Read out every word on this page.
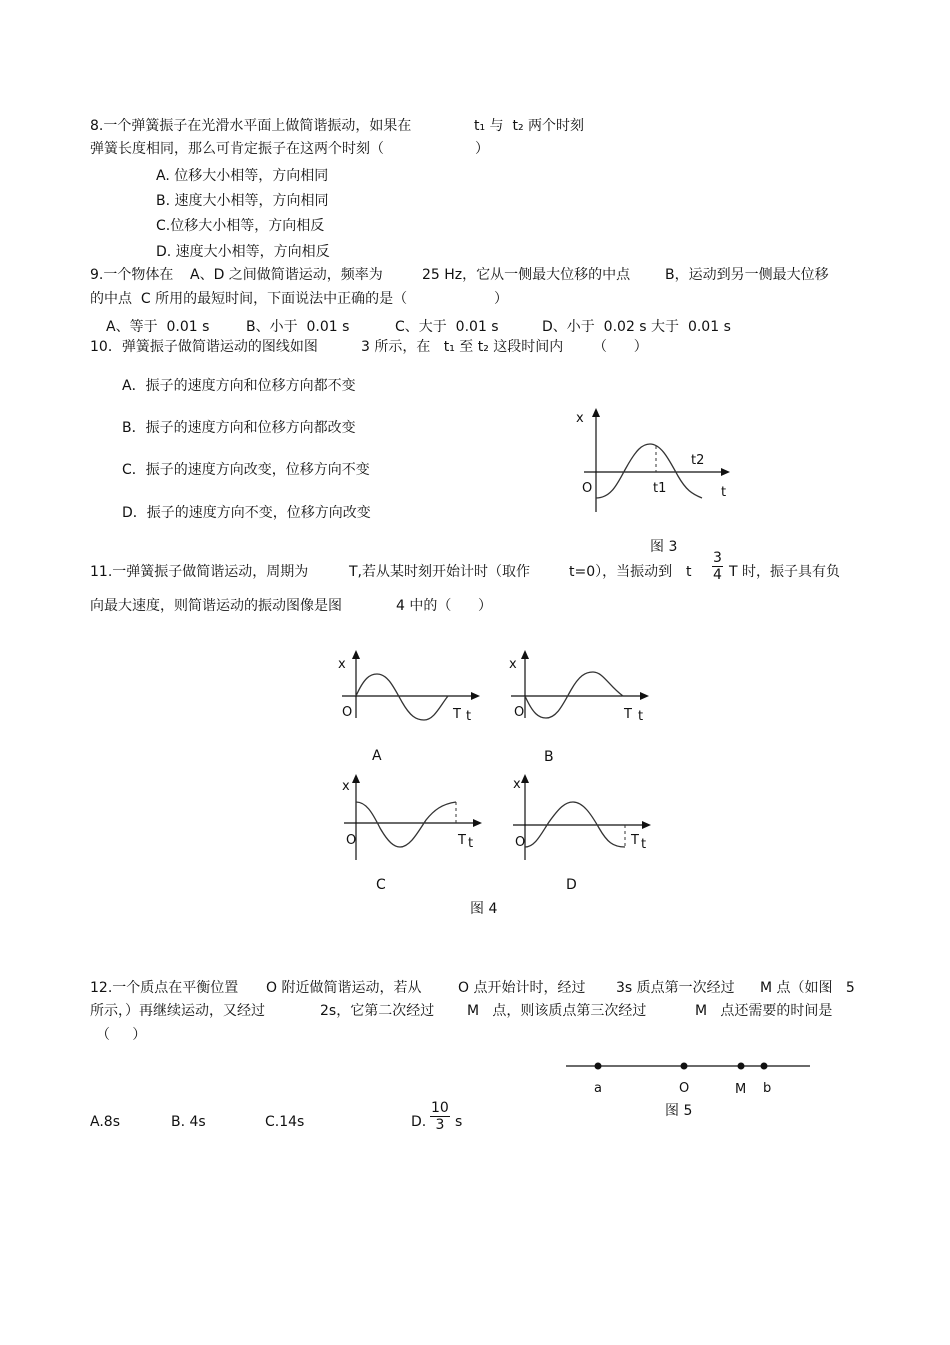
8.一个弹簧振子在光滑水平面上做简谐振动，如果在	t₁ 与  t₂ 两个时刻
弹簧长度相同，那么可肯定振子在这两个时刻（	）
A. 位移大小相等，方向相同
B. 速度大小相等，方向相同
C.位移大小相等，方向相反
D. 速度大小相等，方向相反
9.一个物体在 A、D 之间做简谐运动，频率为	25 Hz，它从一侧最大位移的中点 B，运动到另一侧最大位移
的中点  C 所用的最短时间，下面说法中正确的是（	）
A、等于  0.01 s	B、小于  0.01 s	C、大于  0.01 s	D、小于  0.02 s 大于  0.01 s
10．弹簧振子做简谐运动的图线如图	3 所示，在   t₁ 至 t₂ 这段时间内 （      ）
A．振子的速度方向和位移方向都不变
B．振子的速度方向和位移方向都改变
C．振子的速度方向改变，位移方向不变
D．振子的速度方向不变，位移方向改变
x
O	t1
t2
t
图 3
11.一弹簧振子做简谐运动，周期为	T,若从某时刻开始计时（取作	t=0），当振动到 t $\frac{3}{4}$ T 时，振子具有负
向最大速度，则简谐运动的振动图像是图	4 中的（      ）
x
O	T t
A
x
O	T t
B
x
O	T t
C
x
O	T t
D
图 4
12.一个质点在平衡位置 O 附近做简谐运动，若从	O 点开始计时，经过 3s 质点第一次经过 M 点（如图   5
所示，）再继续运动，又经过	2s，它第二次经过 M   点，则该质点第三次经过	M   点还需要的时间是
（     ）
a	O	M b
图 5
A.8s	B. 4s	C.14s	D. $\frac{10}{3}$ s
